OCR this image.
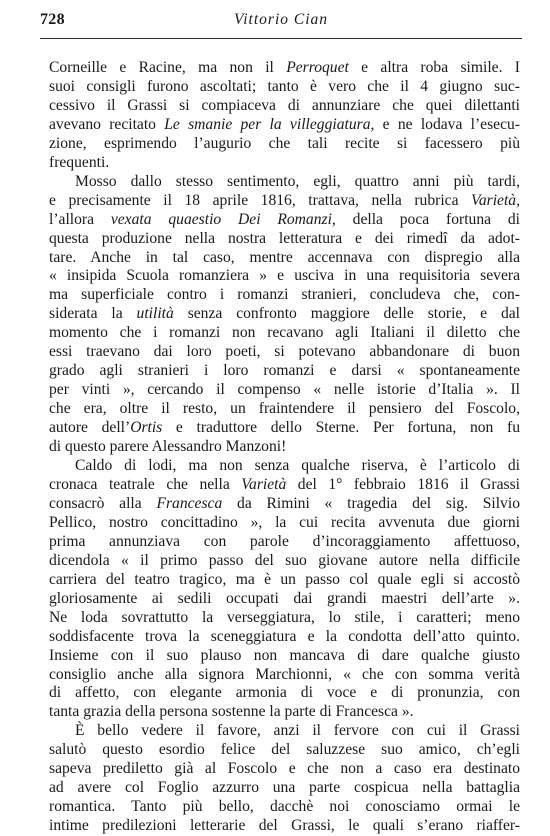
728	Vittorio Cian
Corneille e Racine, ma non il Perroquet e altra roba simile. I
suoi consigli furono ascoltati; tanto è vero che il 4 giugno suc-
cessivo il Grassi si compiaceva di annunziare che quei dilettanti
avevano recitato Le smanie per la villeggiatura, e ne lodava l’esecu-
zione, esprimendo l’augurio che tali recite si facessero più
frequenti.
Mosso dallo stesso sentimento, egli, quattro anni più tardi,
e precisamente il 18 aprile 1816, trattava, nella rubrica Varietà,
l’allora vexata quaestio Dei Romanzi, della poca fortuna di
questa produzione nella nostra letteratura e dei rimedî da adot-
tare. Anche in tal caso, mentre accennava con dispregio alla
« insipida Scuola romanziera » e usciva in una requisitoria severa
ma superficiale contro i romanzi stranieri, concludeva che, con-
siderata la utilità senza confronto maggiore delle storie, e dal
momento che i romanzi non recavano agli Italiani il diletto che
essi traevano dai loro poeti, si potevano abbandonare di buon
grado agli stranieri i loro romanzi e darsi « spontaneamente
per vinti », cercando il compenso « nelle istorie d’Italia ». Il
che era, oltre il resto, un fraintendere il pensiero del Foscolo,
autore dell’Ortis e traduttore dello Sterne. Per fortuna, non fu
di questo parere Alessandro Manzoni!
Caldo di lodi, ma non senza qualche riserva, è l’articolo di
cronaca teatrale che nella Varietà del 1° febbraio 1816 il Grassi
consacrò alla Francesca da Rimini « tragedia del sig. Silvio
Pellico, nostro concittadino », la cui recita avvenuta due giorni
prima annunziava con parole d’incoraggiamento affettuoso,
dicendola « il primo passo del suo giovane autore nella difficile
carriera del teatro tragico, ma è un passo col quale egli si accostò
gloriosamente ai sedili occupati dai grandi maestri dell’arte ».
Ne loda sovrattutto la verseggiatura, lo stile, i caratteri; meno
soddisfacente trova la sceneggiatura e la condotta dell’atto quinto.
Insieme con il suo plauso non mancava di dare qualche giusto
consiglio anche alla signora Marchionni, « che con somma verità
di affetto, con elegante armonia di voce e di pronunzia, con
tanta grazia della persona sostenne la parte di Francesca ».
È bello vedere il favore, anzi il fervore con cui il Grassi
salutò questo esordio felice del saluzzese suo amico, ch’egli
sapeva prediletto già al Foscolo e che non a caso era destinato
ad avere col Foglio azzurro una parte cospicua nella battaglia
romantica. Tanto più bello, dacchè noi conosciamo ormai le
intime predilezioni letterarie del Grassi, le quali s’erano riaffer-
